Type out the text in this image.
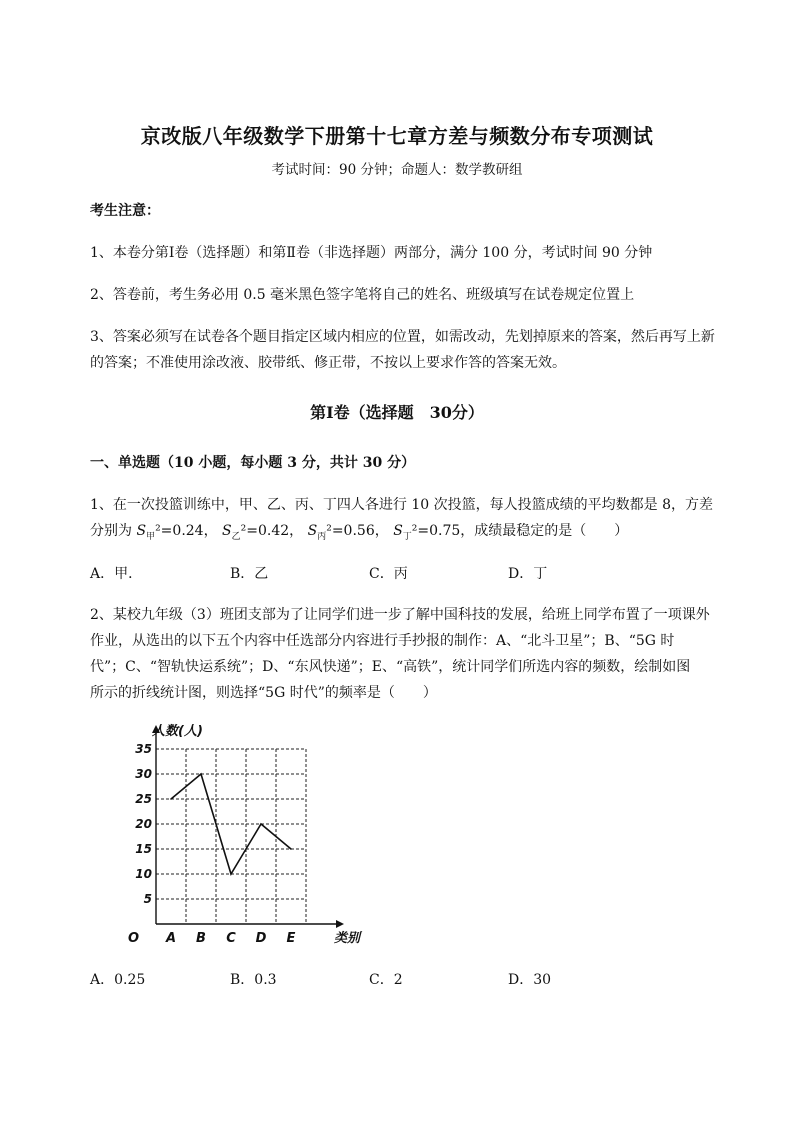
京改版八年级数学下册第十七章方差与频数分布专项测试
考试时间：90 分钟；命题人：数学教研组
考生注意：
1、本卷分第Ⅰ卷（选择题）和第Ⅱ卷（非选择题）两部分，满分 100 分，考试时间 90 分钟
2、答卷前，考生务必用 0.5 毫米黑色签字笔将自己的姓名、班级填写在试卷规定位置上
3、答案必须写在试卷各个题目指定区域内相应的位置，如需改动，先划掉原来的答案，然后再写上新
的答案；不准使用涂改液、胶带纸、修正带，不按以上要求作答的答案无效。
第Ⅰ卷（选择题　30分）
一、单选题（10 小题，每小题 3 分，共计 30 分）
1、在一次投篮训练中，甲、乙、丙、丁四人各进行 10 次投篮，每人投篮成绩的平均数都是 8，方差
分别为 $S_甲^2=0.24$， $S_乙^2=0.42$， $S_丙^2=0.56$， $S_丁^2=0.75$，成绩最稳定的是（　　）
A．甲．	B．乙	C．丙	D．丁
2、某校九年级（3）班团支部为了让同学们进一步了解中国科技的发展，给班上同学布置了一项课外
作业，从选出的以下五个内容中任选部分内容进行手抄报的制作：A、“北斗卫星”；B、“5G 时
代”；C、“智轨快运系统”；D、“东风快递”；E、“高铁”，统计同学们所选内容的频数，绘制如图
所示的折线统计图，则选择“5G 时代”的频率是（　　）
5
10
15
20
25
30
35
A B C D E
O
人数(人)
类别
A．0.25	B．0.3	C．2	D．30
